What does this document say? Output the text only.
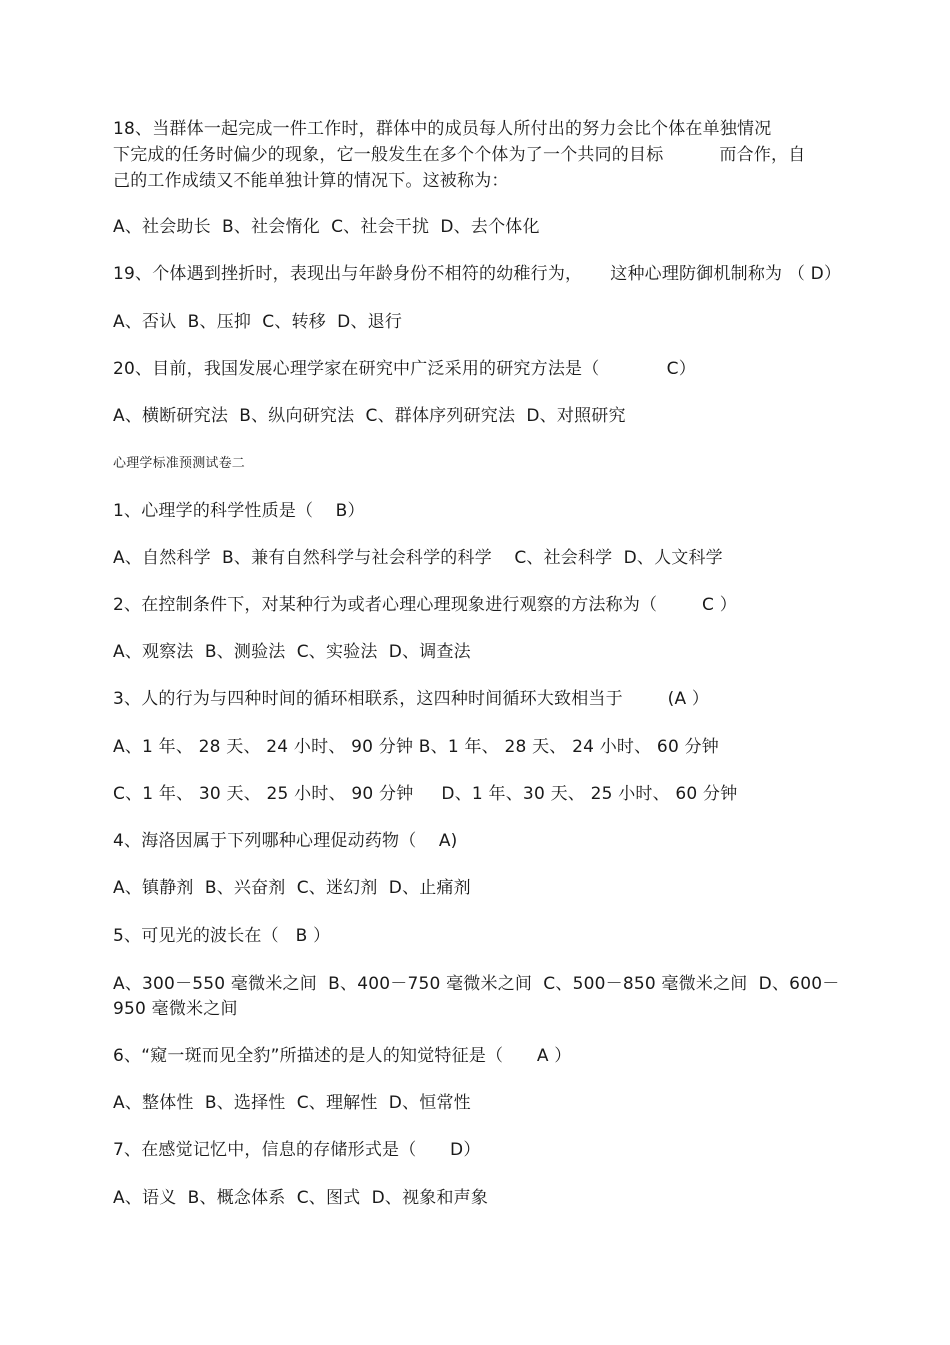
18、当群体一起完成一件工作时，群体中的成员每人所付出的努力会比个体在单独情况
下完成的任务时偏少的现象，它一般发生在多个个体为了一个共同的目标          而合作，自
己的工作成绩又不能单独计算的情况下。这被称为：
A、社会助长  B、社会惰化  C、社会干扰  D、去个体化
19、个体遇到挫折时，表现出与年龄身份不相符的幼稚行为，     这种心理防御机制称为 （ D）
A、否认  B、压抑  C、转移  D、退行
20、目前，我国发展心理学家在研究中广泛采用的研究方法是（            C）
A、横断研究法  B、纵向研究法  C、群体序列研究法  D、对照研究
心理学标准预测试卷二
1、心理学的科学性质是（    B）
A、自然科学  B、兼有自然科学与社会科学的科学    C、社会科学  D、人文科学
2、在控制条件下，对某种行为或者心理心理现象进行观察的方法称为（        C ）
A、观察法  B、测验法  C、实验法  D、调查法
3、人的行为与四种时间的循环相联系，这四种时间循环大致相当于        (A ）
A、1 年、 28 天、 24 小时、 90 分钟 B、1 年、 28 天、 24 小时、 60 分钟
C、1 年、 30 天、 25 小时、 90 分钟     D、1 年、30 天、 25 小时、 60 分钟
4、海洛因属于下列哪种心理促动药物（    A)
A、镇静剂  B、兴奋剂  C、迷幻剂  D、止痛剂
5、可见光的波长在（   B ）
A、300－550 毫微米之间  B、400－750 毫微米之间  C、500－850 毫微米之间  D、600－
950 毫微米之间
6、“窥一斑而见全豹”所描述的是人的知觉特征是（      A ）
A、整体性  B、选择性  C、理解性  D、恒常性
7、在感觉记忆中，信息的存储形式是（      D）
A、语义  B、概念体系  C、图式  D、视象和声象
